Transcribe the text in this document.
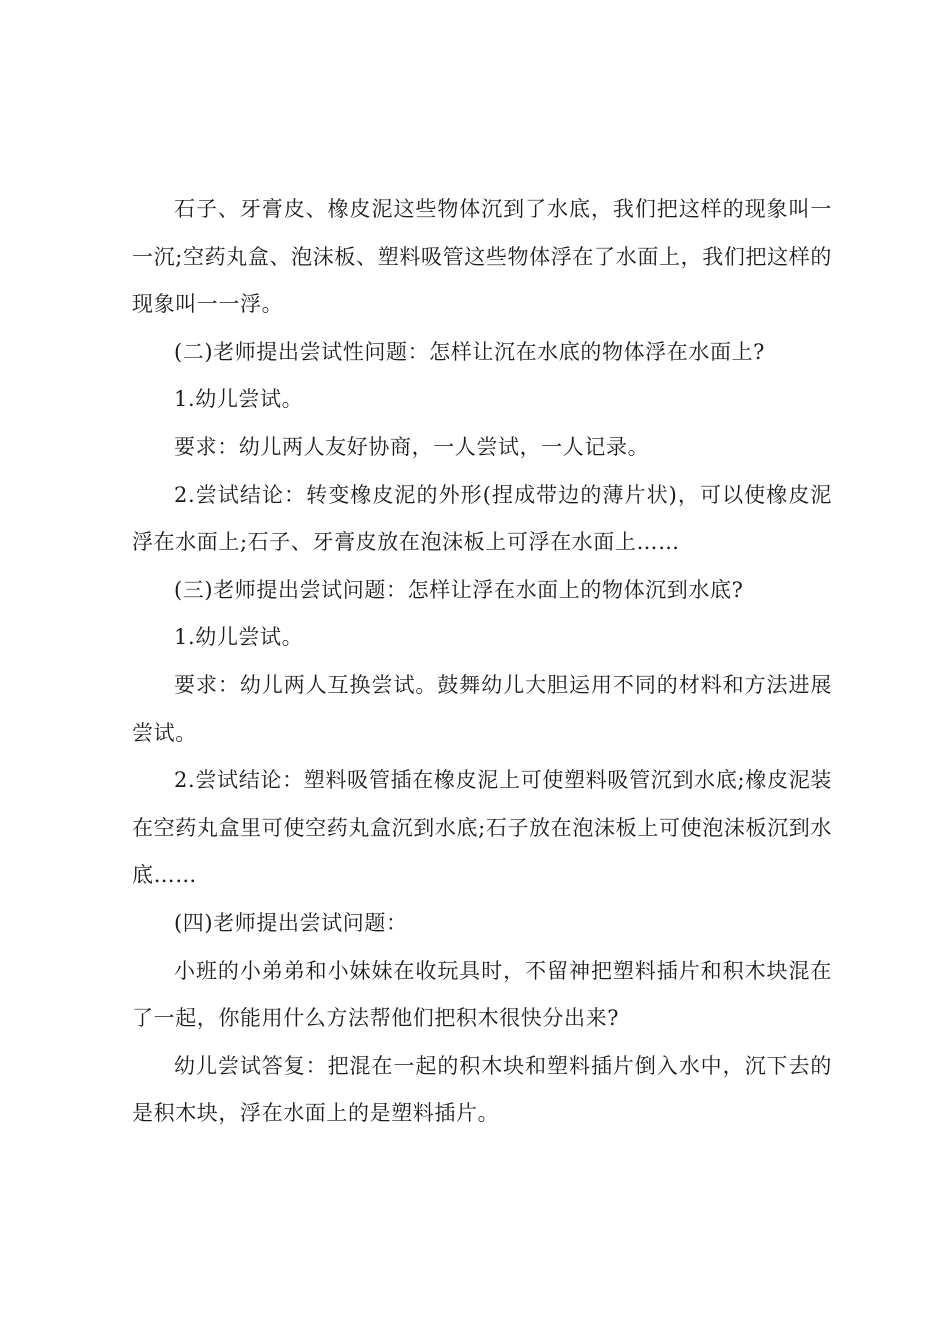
石子、牙膏皮、橡皮泥这些物体沉到了水底，我们把这样的现象叫一一沉;空药丸盒、泡沫板、塑料吸管这些物体浮在了水面上，我们把这样的现象叫一一浮。

(二)老师提出尝试性问题：怎样让沉在水底的物体浮在水面上?

1.幼儿尝试。

要求：幼儿两人友好协商，一人尝试，一人记录。

2.尝试结论：转变橡皮泥的外形(捏成带边的薄片状)，可以使橡皮泥浮在水面上;石子、牙膏皮放在泡沫板上可浮在水面上……

(三)老师提出尝试问题：怎样让浮在水面上的物体沉到水底?

1.幼儿尝试。

要求：幼儿两人互换尝试。鼓舞幼儿大胆运用不同的材料和方法进展尝试。

2.尝试结论：塑料吸管插在橡皮泥上可使塑料吸管沉到水底;橡皮泥装在空药丸盒里可使空药丸盒沉到水底;石子放在泡沫板上可使泡沫板沉到水底……

(四)老师提出尝试问题：

小班的小弟弟和小妹妹在收玩具时，不留神把塑料插片和积木块混在了一起，你能用什么方法帮他们把积木很快分出来?

幼儿尝试答复：把混在一起的积木块和塑料插片倒入水中，沉下去的是积木块，浮在水面上的是塑料插片。
